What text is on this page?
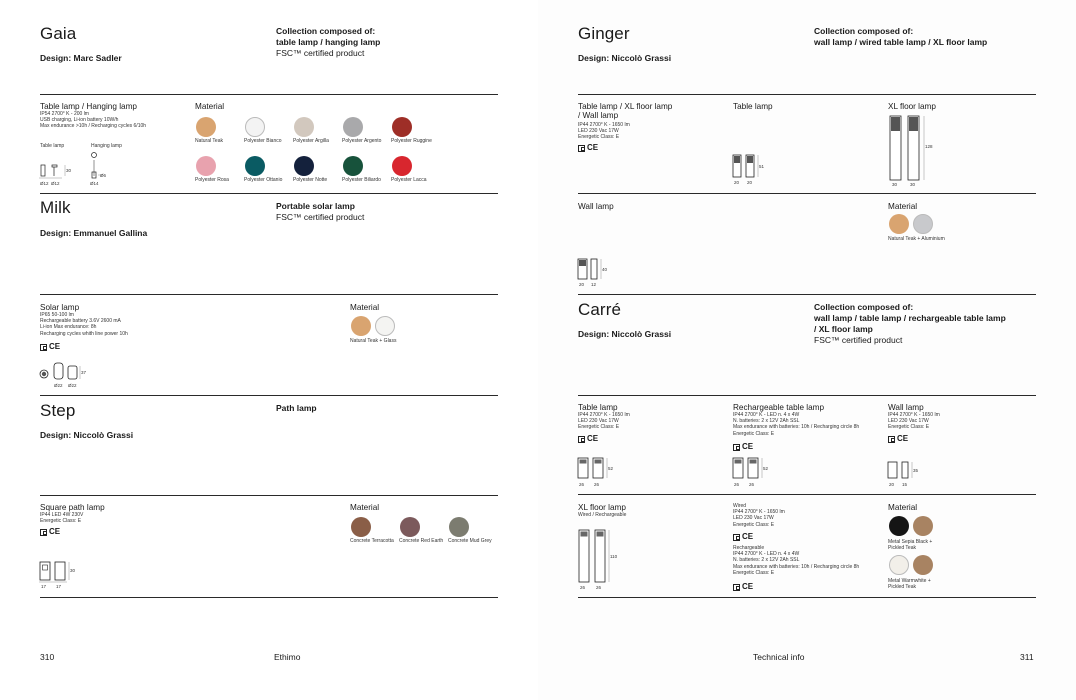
Gaia
Design: Marc Sadler
Collection composed of:
table lamp / hanging lamp
FSC™ certified product
Table lamp / Hanging lamp
IP54 2700° K - 200 lm
USB charging, Li-ion battery 10W/h
Max endurance >10h / Recharging cycles 6/10h
Table lamp	Hanging lamp
Ø12 Ø12
30
Ø14
Ø6
Material
Natural Teak	Polyester Bianco	Polyester Argilla	Polyester Argento	Polyester Ruggine
Polyester Rosa	Polyester Ottanio	Polyester Notte	Polyester Biliardo	Polyester Lacca
Milk
Design: Emmanuel Gallina
Portable solar lamp
FSC™ certified product
Solar lamp
IP65 50-100 lm
Rechargeable battery 3.6V 2600 mA
Li-ion Max endurance: 8h
Recharging cycles whith line power 10h
CE
Ø22 Ø22
37
Material
Natural Teak + Glass
Step
Design: Niccolò Grassi
Path lamp
Square path lamp
IP44 LED 4W 230V
Energetic Class: E
CE
17 17
30
Material
Concrete Terracotta	Concrete Red Earth Concrete Mud Grey
310	Ethimo
Ginger
Design: Niccolò Grassi
Collection composed of:
wall lamp / wired table lamp / XL floor lamp
Table lamp / XL floor lamp
/ Wall lamp
IP44 2700° K - 1650 lm
LED 230 Vac 17W
Energetic Class: E
CE
Table lamp
20 20
51
XL floor lamp
30	30
128
Wall lamp
20 12
40
Material
Natural Teak + Aluminium
Carré
Design: Niccolò Grassi
Collection composed of:
wall lamp / table lamp / rechargeable table lamp
/ XL floor lamp
FSC™ certified product
Table lamp
IP44 2700° K - 1650 lm
LED 230 Vac 17W
Energetic Class: E
CE
26 26
52
Rechargeable table lamp
IP44 2700° K - LED n. 4 x 4W
N. batteries: 2 x 12V 2Ah SSL
Max endurance with batteries: 10h / Recharging circle 8h
Energetic Class: E
CE
26 26
52
Wall lamp
IP44 2700° K - 1650 lm
LED 230 Vac 17W
Energetic Class: E
CE
20 15
35
XL floor lamp
Wired / Rechargeable
26 26
110
Wired
IP44 2700° K - 1650 lm
LED 230 Vac 17W
Energetic Class: E
CE
Rechargeable
IP44 2700° K - LED n. 4 x 4W
N. batteries: 2 x 12V 2Ah SSL
Max endurance with batteries: 10h / Recharging circle 8h
Energetic Class: E
CE
Material
Metal Sepia Black + Pickled Teak
Metal Warmwhite + Pickled Teak
Technical info	311
